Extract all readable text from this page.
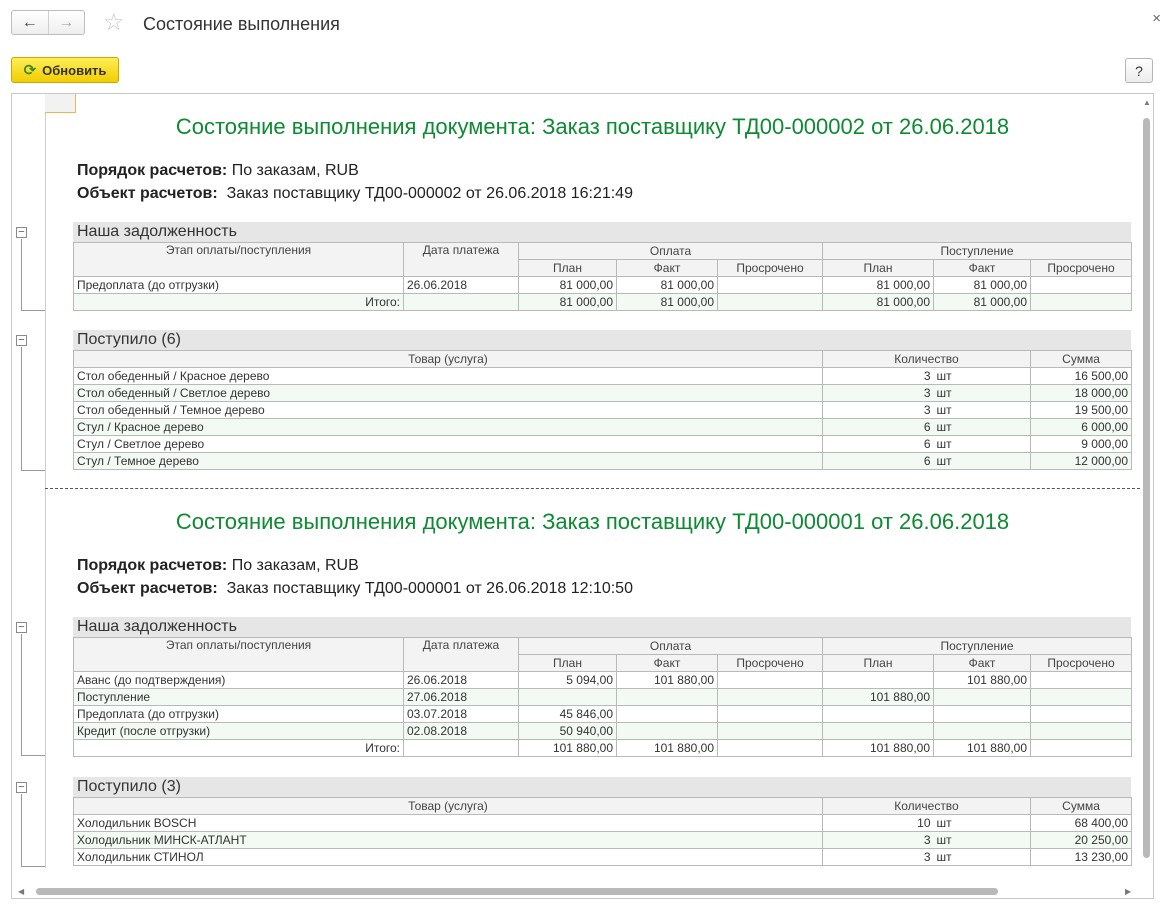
←	→	☆ Состояние выполнения	×
⟳ Обновить	?
Состояние выполнения документа: Заказ поставщику ТД00-000002 от 26.06.2018
Порядок расчетов: По заказам, RUB
Объект расчетов: Заказ поставщику ТД00-000002 от 26.06.2018 16:21:49
−	Наша задолженность
Этап оплаты/поступления	Дата платежа	Оплата			Поступление		
		План	Факт	Просрочено	План	Факт	Просрочено
Предоплата (до отгрузки)	26.06.2018	81 000,00	81 000,00		81 000,00	81 000,00	
Итого:		81 000,00	81 000,00		81 000,00	81 000,00	
−	Поступило (6)
Товар (услуга)	Количество		Сумма
Стол обеденный / Красное дерево	3	шт	16 500,00
Стол обеденный / Светлое дерево	3	шт	18 000,00
Стол обеденный / Темное дерево	3	шт	19 500,00
Стул / Красное дерево	6	шт	6 000,00
Стул / Светлое дерево	6	шт	9 000,00
Стул / Темное дерево	6	шт	12 000,00
Состояние выполнения документа: Заказ поставщику ТД00-000001 от 26.06.2018
Порядок расчетов: По заказам, RUB
Объект расчетов: Заказ поставщику ТД00-000001 от 26.06.2018 12:10:50
−	Наша задолженность
Этап оплаты/поступления	Дата платежа	Оплата			Поступление		
		План	Факт	Просрочено	План	Факт	Просрочено
Аванс (до подтверждения)	26.06.2018	5 094,00	101 880,00			101 880,00	
Поступление	27.06.2018				101 880,00		
Предоплата (до отгрузки)	03.07.2018	45 846,00					
Кредит (после отгрузки)	02.08.2018	50 940,00					
Итого:		101 880,00	101 880,00		101 880,00	101 880,00	
−	Поступило (3)
Товар (услуга)	Количество		Сумма
Холодильник BOSCH	10	шт	68 400,00
Холодильник МИНСК-АТЛАНТ	3	шт	20 250,00
Холодильник СТИНОЛ	3	шт	13 230,00
▲
◀	▶
